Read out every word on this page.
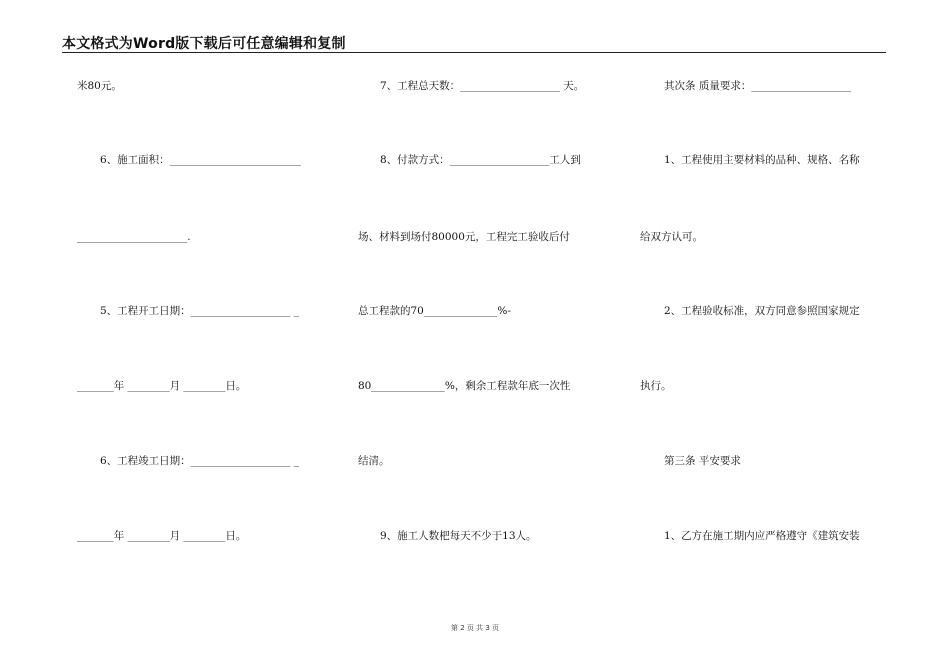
本文格式为Word版下载后可任意编辑和复制
米80元。
6、施工面积：_________________________
_____________________.
5、工程开工日期：___________________ _
_______年 ________月 ________日。
6、工程竣工日期：___________________ _
_______年 ________月 ________日。
7、工程总天数：___________________ 天。
8、付款方式：___________________工人到
场、材料到场付80000元，工程完工验收后付
总工程款的70______________%-
80______________%，剩余工程款年底一次性
结清。
9、施工人数杷每天不少于13人。
其次条 质量要求：___________________
1、工程使用主要材料的品种、规格、名称
给双方认可。
2、工程验收标准，双方同意参照国家规定
执行。
第三条 平安要求
1、乙方在施工期内应严格遵守《建筑安装
第 2 页 共 3 页
